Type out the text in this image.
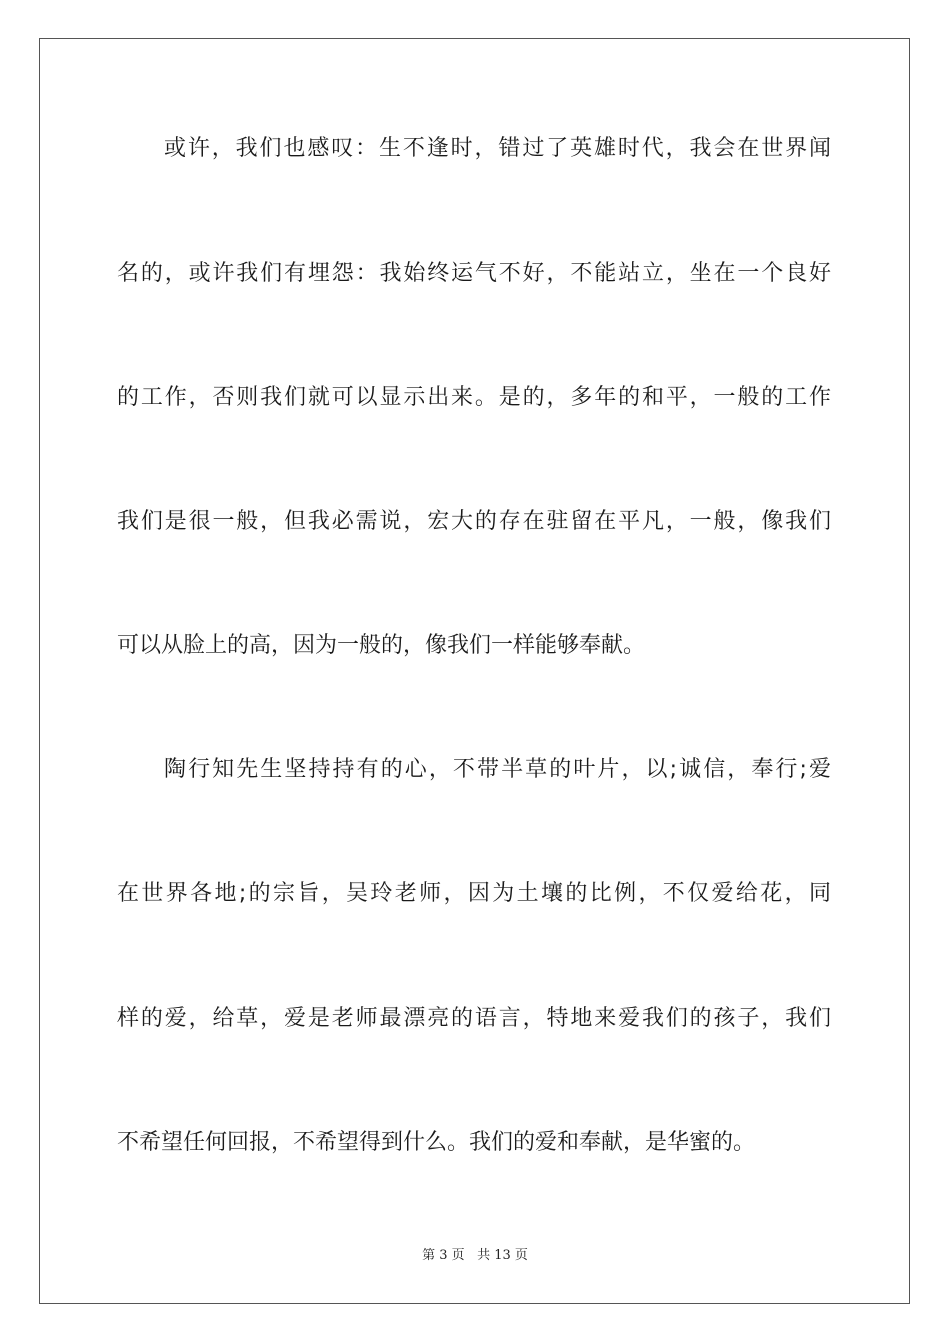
或许，我们也感叹：生不逢时，错过了英雄时代，我会在世界闻
名的，或许我们有埋怨：我始终运气不好，不能站立，坐在一个良好
的工作，否则我们就可以显示出来。是的，多年的和平，一般的工作
我们是很一般，但我必需说，宏大的存在驻留在平凡，一般，像我们
可以从脸上的高，因为一般的，像我们一样能够奉献。
陶行知先生坚持持有的心，不带半草的叶片，以;诚信，奉行;爱
在世界各地;的宗旨，吴玲老师，因为土壤的比例，不仅爱给花，同
样的爱，给草，爱是老师最漂亮的语言，特地来爱我们的孩子，我们
不希望任何回报，不希望得到什么。我们的爱和奉献，是华蜜的。
第 3 页 共 13 页
